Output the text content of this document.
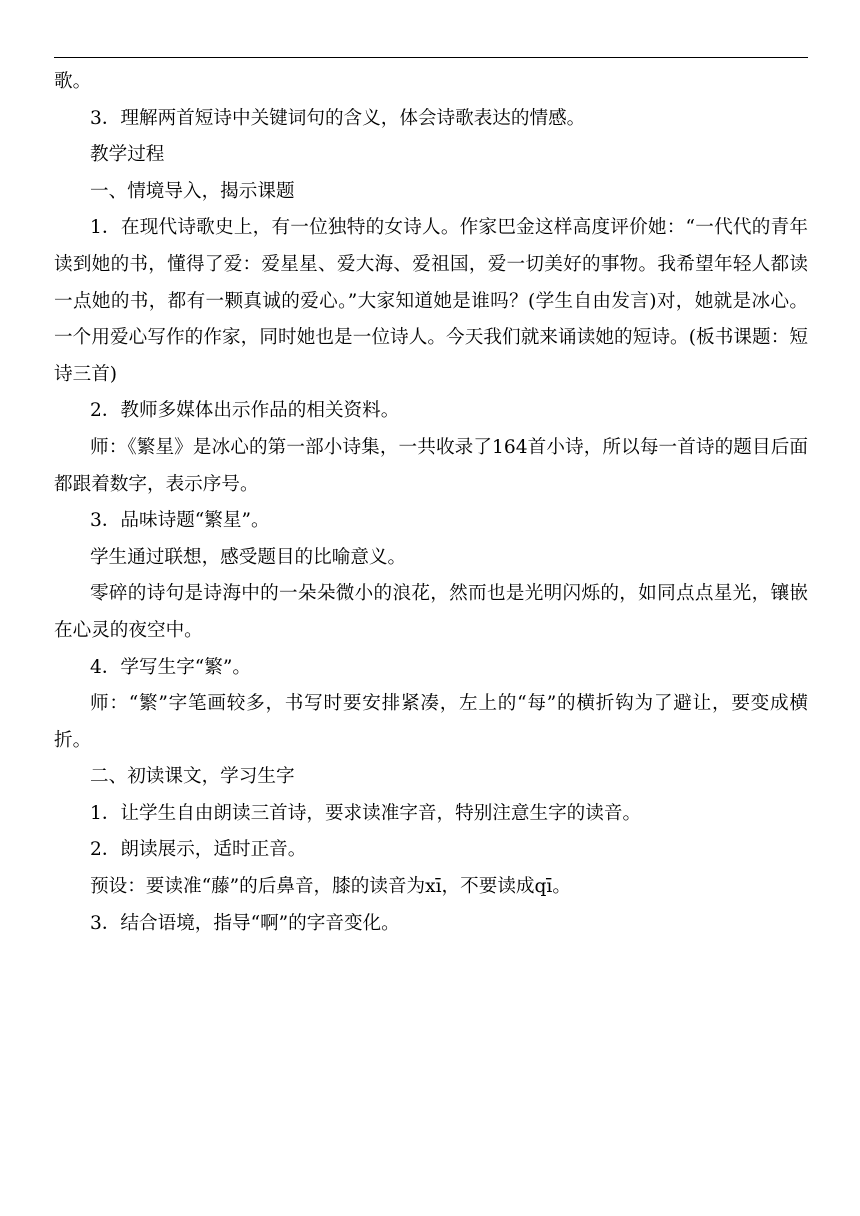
歌。

3．理解两首短诗中关键词句的含义，体会诗歌表达的情感。

教学过程

一、情境导入，揭示课题

1．在现代诗歌史上，有一位独特的女诗人。作家巴金这样高度评价她：“一代代的青年读到她的书，懂得了爱：爱星星、爱大海、爱祖国，爱一切美好的事物。我希望年轻人都读一点她的书，都有一颗真诚的爱心。”大家知道她是谁吗？(学生自由发言)对，她就是冰心。一个用爱心写作的作家，同时她也是一位诗人。今天我们就来诵读她的短诗。(板书课题：短诗三首)

2．教师多媒体出示作品的相关资料。

师：《繁星》是冰心的第一部小诗集，一共收录了164首小诗，所以每一首诗的题目后面都跟着数字，表示序号。

3．品味诗题“繁星”。

学生通过联想，感受题目的比喻意义。

零碎的诗句是诗海中的一朵朵微小的浪花，然而也是光明闪烁的，如同点点星光，镶嵌在心灵的夜空中。

4．学写生字“繁”。

师：“繁”字笔画较多，书写时要安排紧凑，左上的“每”的横折钩为了避让，要变成横折。

二、初读课文，学习生字

1．让学生自由朗读三首诗，要求读准字音，特别注意生字的读音。

2．朗读展示，适时正音。

预设：要读准“藤”的后鼻音，膝的读音为xī，不要读成qī。

3．结合语境，指导“啊”的字音变化。
